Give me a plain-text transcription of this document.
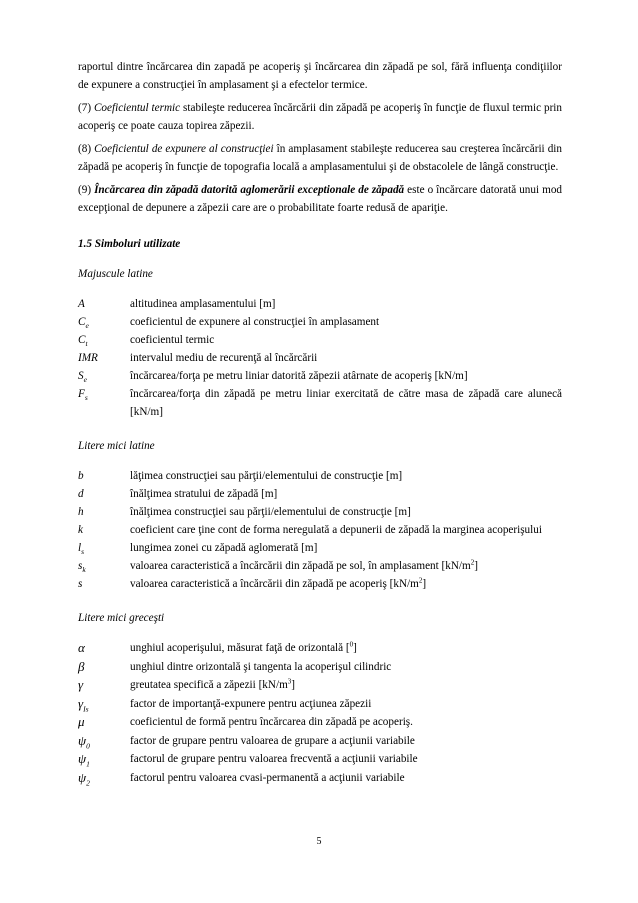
raportul dintre încărcarea din zapadă pe acoperiş şi încărcarea din zăpadă pe sol, fără influenţa condiţiilor de expunere a construcţiei în amplasament şi a efectelor termice.

(7) Coeficientul termic stabileşte reducerea încărcării din zăpadă pe acoperiş în funcţie de fluxul termic prin acoperiş ce poate cauza topirea zăpezii.

(8) Coeficientul de expunere al construcţiei în amplasament stabileşte reducerea sau creşterea încărcării din zăpadă pe acoperiş în funcţie de topografia locală a amplasamentului şi de obstacolele de lângă construcţie.

(9) Încărcarea din zăpadă datorită aglomerării exceptionale de zăpadă este o încărcare datorată unui mod excepţional de depunere a zăpezii care are o probabilitate foarte redusă de apariţie.

1.5 Simboluri utilizate
Majuscule latine
A	altitudinea amplasamentului [m]
$C_e$	coeficientul de expunere al construcţiei în amplasament
$C_t$	coeficientul termic
IMR	intervalul mediu de recurenţă al încărcării
$S_e$	încărcarea/forţa pe metru liniar datorită zăpezii atârnate de acoperiş [kN/m]
$F_s$	încărcarea/forţa din zăpadă pe metru liniar exercitată de către masa de zăpadă care alunecă [kN/m]
Litere mici latine
b	lăţimea construcţiei sau părţii/elementului de construcţie [m]
d	înălţimea stratului de zăpadă [m]
h	înălţimea construcţiei sau părţii/elementului de construcţie [m]
k	coeficient care ţine cont de forma neregulată a depunerii de zăpadă la marginea acoperişului
$l_s$	lungimea zonei cu zăpadă aglomerată [m]
$s_k$	valoarea caracteristică a încărcării din zăpadă pe sol, în amplasament $[kN/m^2]$
s	valoarea caracteristică a încărcării din zăpadă pe acoperiş $[kN/m^2]$
Litere mici greceşti
α	unghiul acoperişului, măsurat faţă de orizontală [$^0$]
β	unghiul dintre orizontală şi tangenta la acoperişul cilindric
γ	greutatea specifică a zăpezii $[kN/m^3]$
$\gamma_{Is}$	factor de importanţă-expunere pentru acţiunea zăpezii
μ	coeficientul de formă pentru încărcarea din zăpadă pe acoperiş.
$\psi_0$	factor de grupare pentru valoarea de grupare a acţiunii variabile
$\psi_1$	factorul de grupare pentru valoarea frecventă a acţiunii variabile
$\psi_2$	factorul pentru valoarea cvasi-permanentă a acţiunii variabile
5
